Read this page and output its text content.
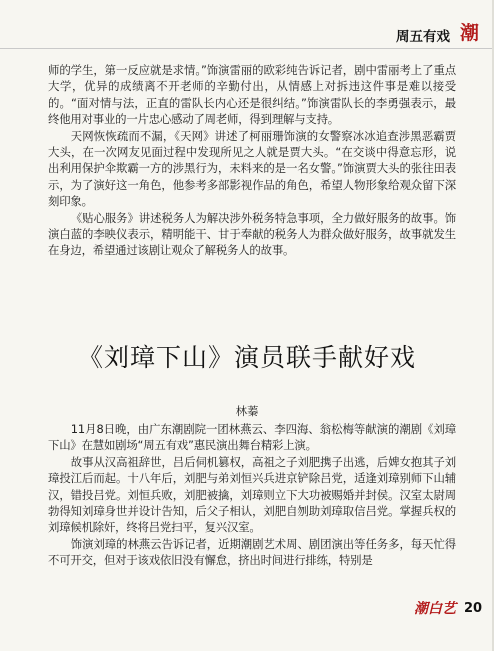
周五有戏 潮

师的学生，第一反应就是求情。”饰演雷丽的欧彩纯告诉记者，剧中雷丽考上了重点大学，优异的成绩离不开老师的辛勤付出，从情感上对拆违这件事是难以接受的。“面对情与法，正直的雷队长内心还是很纠结。”饰演雷队长的李勇强表示，最终他用对事业的一片忠心感动了周老师，得到理解与支持。

天网恢恢疏而不漏，《天网》讲述了柯丽珊饰演的女警察冰冰追查涉黑恶霸贾大头，在一次网友见面过程中发现所见之人就是贾大头。“在交谈中得意忘形，说出利用保护伞欺霸一方的涉黑行为，未料来的是一名女警。”饰演贾大头的张往田表示，为了演好这一角色，他参考多部影视作品的角色，希望人物形象给观众留下深刻印象。

《贴心服务》讲述税务人为解决涉外税务特急事项，全力做好服务的故事。饰演白蓝的李映仪表示，精明能干、甘于奉献的税务人为群众做好服务，故事就发生在身边，希望通过该剧让观众了解税务人的故事。

《刘璋下山》演员联手献好戏
林蓁

11月8日晚，由广东潮剧院一团林燕云、李四海、翁松梅等献演的潮剧《刘璋下山》在慧如剧场“周五有戏”惠民演出舞台精彩上演。

故事从汉高祖辞世，吕后伺机篡权，高祖之子刘肥携子出逃，后婢女抱其子刘璋投江后而起。十八年后，刘肥与弟刘恒兴兵进京铲除吕党，适逢刘璋别师下山辅汉，错投吕党。刘恒兵败，刘肥被擒，刘璋则立下大功被赐婚并封侯。汉室太尉周勃得知刘璋身世并设计告知，后父子相认，刘肥自刎助刘璋取信吕党。掌握兵权的刘璋候机除奸，终将吕党扫平，复兴汉室。

饰演刘璋的林燕云告诉记者，近期潮剧艺术周、剧团演出等任务多，每天忙得不可开交，但对于该戏依旧没有懈怠，挤出时间进行排练，特别是

潮白艺 20
